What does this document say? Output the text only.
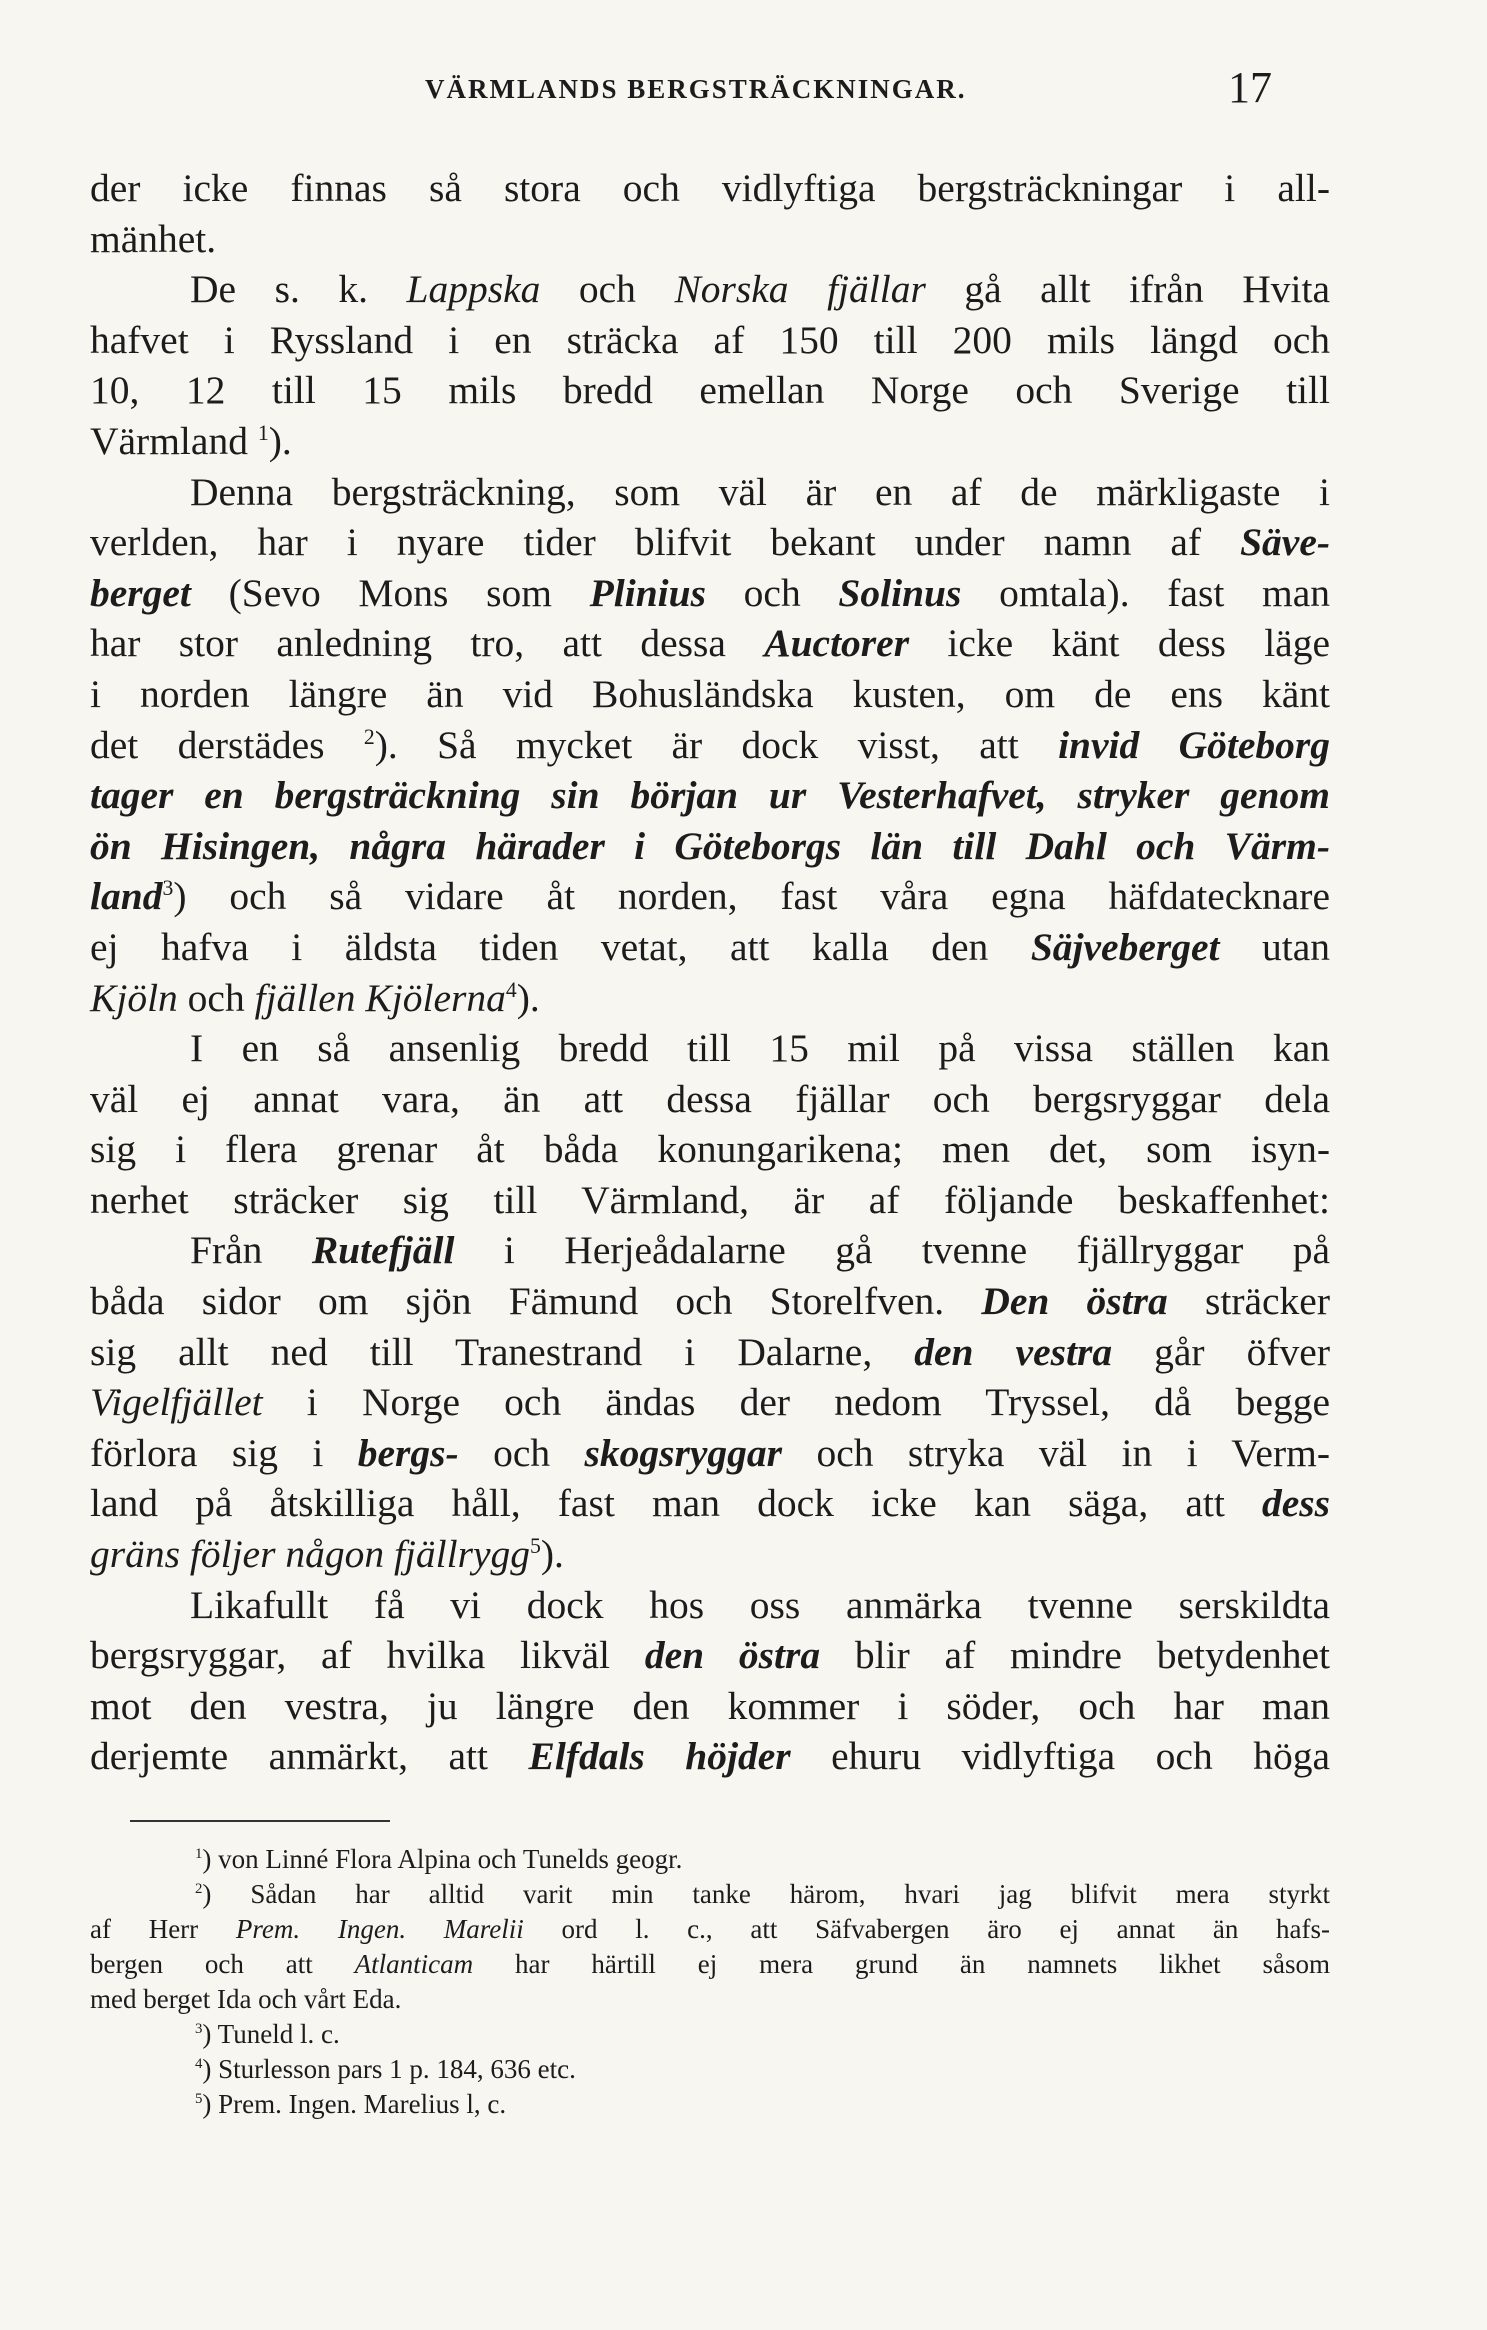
VÄRMLANDS BERGSTRÄCKNINGAR.	17
der icke finnas så stora och vidlyftiga bergsträckningar i all-
mänhet.
De s. k. Lappska och Norska fjällar gå allt ifrån Hvita
hafvet i Ryssland i en sträcka af 150 till 200 mils längd och
10, 12 till 15 mils bredd emellan Norge och Sverige till
Värmland $^1$).
Denna bergsträckning, som väl är en af de märkligaste i
verlden, har i nyare tider blifvit bekant under namn af Säve-
berget (Sevo Mons som Plinius och Solinus omtala). fast man
har stor anledning tro, att dessa Auctorer icke känt dess läge
i norden längre än vid Bohusländska kusten, om de ens känt
det derstädes $^2$). Så mycket är dock visst, att invid Göteborg
tager en bergsträckning sin början ur Vesterhafvet, stryker genom
ön Hisingen, några härader i Göteborgs län till Dahl och Värm-
land$^3$) och så vidare åt norden, fast våra egna häfdatecknare
ej hafva i äldsta tiden vetat, att kalla den Säjveberget utan
Kjöln och fjällen Kjölerna$^4$).
I en så ansenlig bredd till 15 mil på vissa ställen kan
väl ej annat vara, än att dessa fjällar och bergsryggar dela
sig i flera grenar åt båda konungarikena; men det, som isyn-
nerhet sträcker sig till Värmland, är af följande beskaffenhet:
Från Rutefjäll i Herjeådalarne gå tvenne fjällryggar på
båda sidor om sjön Fämund och Storelfven. Den östra sträcker
sig allt ned till Tranestrand i Dalarne, den vestra går öfver
Vigelfjället i Norge och ändas der nedom Tryssel, då begge
förlora sig i bergs- och skogsryggar och stryka väl in i Verm-
land på åtskilliga håll, fast man dock icke kan säga, att dess
gräns följer någon fjällrygg$^5$).
Likafullt få vi dock hos oss anmärka tvenne serskildta
bergsryggar, af hvilka likväl den östra blir af mindre betydenhet
mot den vestra, ju längre den kommer i söder, och har man
derjemte anmärkt, att Elfdals höjder ehuru vidlyftiga och höga
$^1$) von Linné Flora Alpina och Tunelds geogr.
$^2$) Sådan har alltid varit min tanke härom, hvari jag blifvit mera styrkt
af Herr Prem. Ingen. Marelii ord l. c., att Säfvabergen äro ej annat än hafs-
bergen och att Atlanticam har härtill ej mera grund än namnets likhet såsom
med berget Ida och vårt Eda.
$^3$) Tuneld l. c.
$^4$) Sturlesson pars 1 p. 184, 636 etc.
$^5$) Prem. Ingen. Marelius l, c.
